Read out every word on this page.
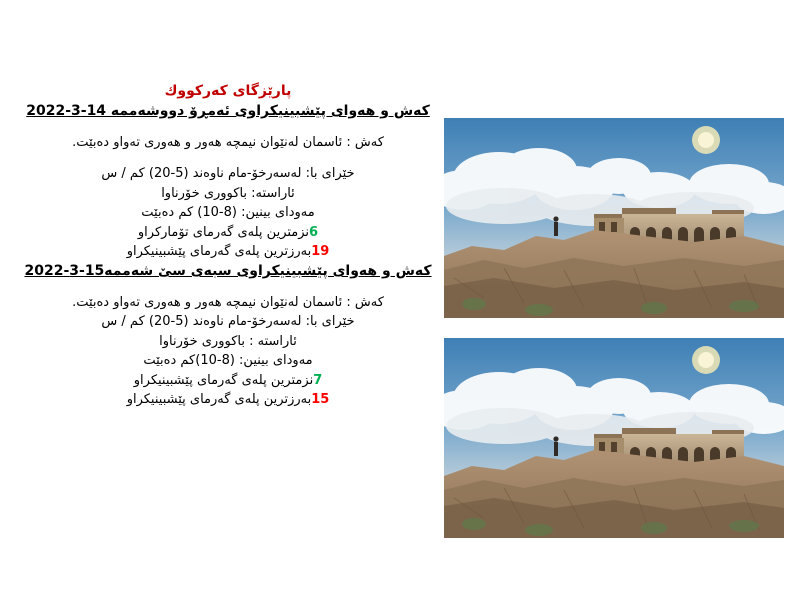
پارێزگای كه‌ركووك
كه‌ش و هه‌وای پێشبینیكراوی ئه‌مڕۆ دووشه‌ممه‌ 14-3-2022
كه‌ش : ئاسمان له‌نێوان نیمچه‌ هه‌ور و هه‌وری ته‌واو ده‌بێت.
خێرای با: له‌سه‌رخۆ-مام ناوه‌ند (5-20) كم / س
ئاراسته‌: باكووری خۆرناوا
مه‌ودای بینین: (8-10) كم ده‌بێت
6نزمترین پله‌ی گه‌رمای تۆماركراو
19به‌رزترین پله‌ی گه‌رمای پێشبینیكراو
كه‌ش و هه‌وای پێشبینیكراوی سبه‌ی سێ شه‌ممه‌15-3-2022
كه‌ش : ئاسمان له‌نێوان نیمچه‌ هه‌ور و هه‌وری ته‌واو ده‌بێت.
خێرای با: له‌سه‌رخۆ-مام ناوه‌ند (5-20) كم / س
ئاراسته‌ : باكووری خۆرناوا
مه‌ودای بینین: (8-10)كم ده‌بێت
7نزمترین پله‌ی گه‌رمای پێشبینیكراو
15به‌رزترین پله‌ی گه‌رمای پێشبینیكراو
